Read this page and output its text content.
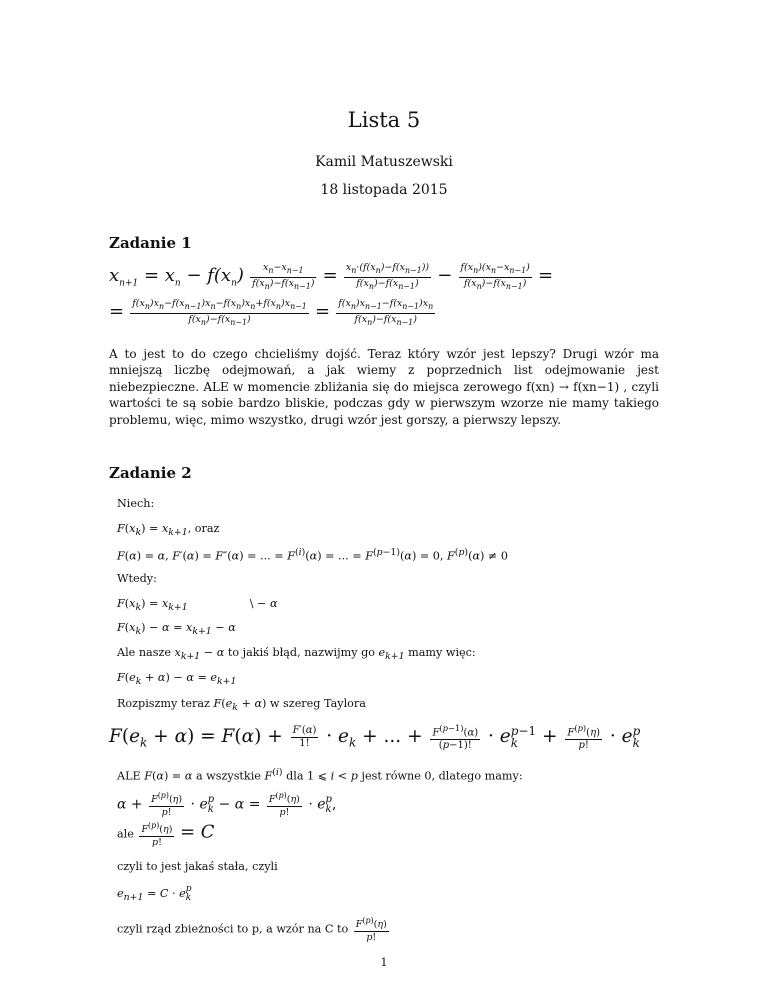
Lista 5
Kamil Matuszewski
18 listopada 2015
Zadanie 1
$x_{n+1} = x_n - f(x_n) \frac{x_n-x_{n-1}}{f(x_n)-f(x_{n-1})} = \frac{x_n\cdot(f(x_n)-f(x_{n-1}))}{f(x_n)-f(x_{n-1})} - \frac{f(x_n)(x_n-x_{n-1})}{f(x_n)-f(x_{n-1})}$ =
= $\frac{f(x_n)x_n-f(x_{n-1})x_n-f(x_n)x_n+f(x_n)x_{n-1}}{f(x_n)-f(x_{n-1})} = \frac{f(x_n)x_{n-1}-f(x_{n-1})x_n}{f(x_n)-f(x_{n-1})}$
A to jest to do czego chcieliśmy dojść. Teraz który wzór jest lepszy? Drugi wzór ma mniejszą liczbę odejmowań, a jak wiemy z poprzednich list odejmowanie jest niebezpieczne. ALE w momencie zbliżania się do miejsca zerowego f(xn) → f(xn−1) , czyli wartości te są sobie bardzo bliskie, podczas gdy w pierwszym wzorze nie mamy takiego problemu, więc, mimo wszystko, drugi wzór jest gorszy, a pierwszy lepszy.
Zadanie 2
Niech:
$F(x_k) = x_{k+1}$, oraz
F(α) = α, F′(α) = F″(α) = ... = $F^{(i)}(\alpha)$ = ... = $F^{(p-1)}(\alpha) = 0$, $F^{(p)}(\alpha) \ne 0$
Wtedy:
$F(x_k) = x_{k+1}$	\ − α
$F(x_k) - \alpha = x_{k+1} - \alpha$
Ale nasze $x_{k+1} - \alpha$ to jakiś błąd, nazwijmy go $e_{k+1}$ mamy więc:
$F(e_k + \alpha) - \alpha = e_{k+1}$
Rozpiszmy teraz $F(e_k + \alpha)$ w szereg Taylora
$F(e_k + \alpha) = F(\alpha) + \frac{F'(\alpha)}{1!} \cdot e_k$ + ... + $\frac{F^{(p-1)}(\alpha)}{(p-1)!} \cdot e$ p−1
$k + \frac{F^{(p)}(\eta)}{p!} \cdot e$ p
k
ALE F(α) = α a wszystkie $F^{(i)}$ dla 1 ⩽ i < p jest równe 0, dlatego mamy:
$\alpha + \frac{F^{(p)}(\eta)}{p!} \cdot e$ p
$k - \alpha = \frac{F^{(p)}(\eta)}{p!} \cdot e$ p
k ,
ale $\frac{F^{(p)}(\eta)}{p!} = C$
czyli to jest jakaś stała, czyli
$e_{n+1} = C \cdot e$ p
k
czyli rząd zbieżności to p, a wzór na C to $\frac{F^{(p)}(\eta)}{p!}$
1
